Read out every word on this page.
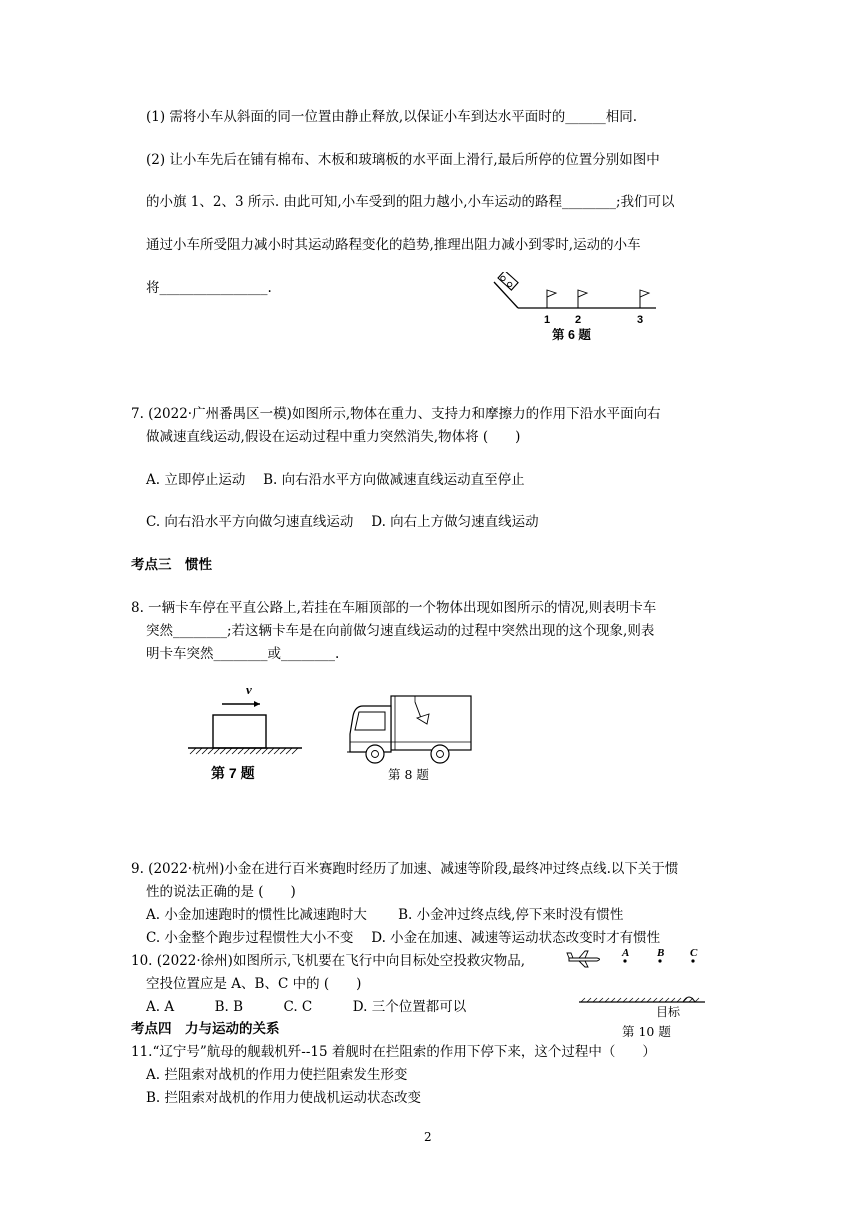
(1) 需将小车从斜面的同一位置由静止释放,以保证小车到达水平面时的______相同.
(2) 让小车先后在铺有棉布、木板和玻璃板的水平面上滑行,最后所停的位置分别如图中
的小旗 1、2、3 所示. 由此可知,小车受到的阻力越小,小车运动的路程________;我们可以
通过小车所受阻力减小时其运动路程变化的趋势,推理出阻力减小到零时,运动的小车
将________________.
1 2	3
第 6 题
7. (2022·广州番禺区一模)如图所示,物体在重力、支持力和摩擦力的作用下沿水平面向右
做减速直线运动,假设在运动过程中重力突然消失,物体将 (　　)
A. 立即停止运动　 B. 向右沿水平方向做减速直线运动直至停止
C. 向右沿水平方向做匀速直线运动　 D. 向右上方做匀速直线运动
考点三　惯性
8. 一辆卡车停在平直公路上,若挂在车厢顶部的一个物体出现如图所示的情况,则表明卡车
突然________;若这辆卡车是在向前做匀速直线运动的过程中突然出现的这个现象,则表
明卡车突然________或________.
v
第 7 题	第 8 题
9. (2022·杭州)小金在进行百米赛跑时经历了加速、减速等阶段,最终冲过终点线.以下关于惯
性的说法正确的是 (　　)
A. 小金加速跑时的惯性比减速跑时大　　 B. 小金冲过终点线,停下来时没有惯性
C. 小金整个跑步过程惯性大小不变　 D. 小金在加速、减速等运动状态改变时才有惯性
10. (2022·徐州)如图所示,飞机要在飞行中向目标处空投救灾物品,
空投位置应是 A、B、C 中的 (　　)
A. A　　　B. B　　　C. C　　　D. 三个位置都可以
A	B C
目标
第 10 题
考点四　力与运动的关系
11.“辽宁号”航母的舰载机歼--15 着舰时在拦阻索的作用下停下来，这个过程中（　　）
A. 拦阻索对战机的作用力使拦阻索发生形变
B. 拦阻索对战机的作用力使战机运动状态改变
2
